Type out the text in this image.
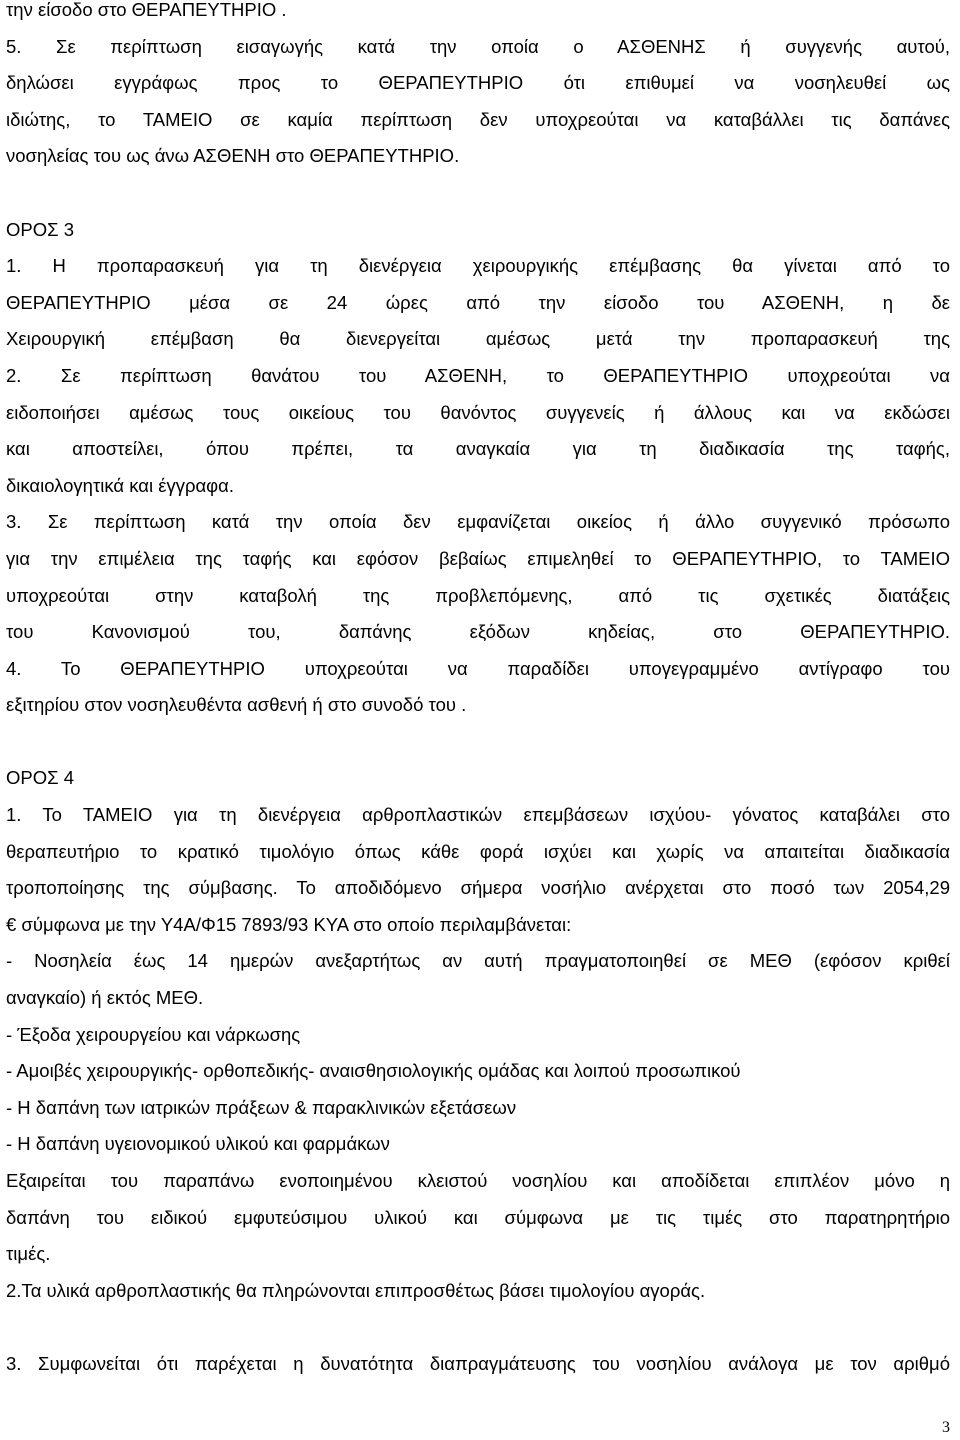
την είσοδο στο ΘΕΡΑΠΕΥΤΗΡΙΟ .
5. Σε περίπτωση εισαγωγής κατά την οποία ο ΑΣΘΕΝΗΣ ή συγγενής αυτού,
δηλώσει εγγράφως προς το ΘΕΡΑΠΕΥΤΗΡΙΟ ότι επιθυμεί να νοσηλευθεί ως
ιδιώτης, το ΤΑΜΕΙΟ σε καμία περίπτωση δεν υποχρεούται να καταβάλλει τις δαπάνες
νοσηλείας του ως άνω ΑΣΘΕΝΗ στο ΘΕΡΑΠΕΥΤΗΡΙΟ.
ΟΡΟΣ 3
1. Η προπαρασκευή για τη διενέργεια χειρουργικής επέμβασης θα γίνεται από το
ΘΕΡΑΠΕΥΤΗΡΙΟ μέσα σε 24 ώρες από την είσοδο του ΑΣΘΕΝΗ, η δε
Χειρουργική επέμβαση θα διενεργείται αμέσως μετά την προπαρασκευή της
2. Σε περίπτωση θανάτου του ΑΣΘΕΝΗ, το ΘΕΡΑΠΕΥΤΗΡΙΟ υποχρεούται να
ειδοποιήσει αμέσως τους οικείους του θανόντος συγγενείς ή άλλους και να εκδώσει
και αποστείλει, όπου πρέπει, τα αναγκαία για τη διαδικασία της ταφής,
δικαιολογητικά και έγγραφα.
3. Σε περίπτωση κατά την οποία δεν εμφανίζεται οικείος ή άλλο συγγενικό πρόσωπο
για την επιμέλεια της ταφής και εφόσον βεβαίως επιμεληθεί το ΘΕΡΑΠΕΥΤΗΡΙΟ, το ΤΑΜΕΙΟ
υποχρεούται στην καταβολή της προβλεπόμενης, από τις σχετικές διατάξεις
του Κανονισμού του, δαπάνης εξόδων κηδείας, στο ΘΕΡΑΠΕΥΤΗΡΙΟ.
4. Το ΘΕΡΑΠΕΥΤΗΡΙΟ υποχρεούται να παραδίδει υπογεγραμμένο αντίγραφο του
εξιτηρίου στον νοσηλευθέντα ασθενή ή στο συνοδό του .
ΟΡΟΣ 4
1. Το ΤΑΜΕΙΟ για τη διενέργεια αρθροπλαστικών επεμβάσεων ισχύου- γόνατος καταβάλει στο
θεραπευτήριο το κρατικό τιμολόγιο όπως κάθε φορά ισχύει και χωρίς να απαιτείται διαδικασία
τροποποίησης της σύμβασης. Το αποδιδόμενο σήμερα νοσήλιο ανέρχεται στο ποσό των 2054,29
€ σύμφωνα με την Υ4Α/Φ15 7893/93 ΚΥΑ στο οποίο περιλαμβάνεται:
- Νοσηλεία έως 14 ημερών ανεξαρτήτως αν αυτή πραγματοποιηθεί σε ΜΕΘ (εφόσον κριθεί
αναγκαίο) ή εκτός ΜΕΘ.
- Έξοδα χειρουργείου και νάρκωσης
- Αμοιβές χειρουργικής- ορθοπεδικής- αναισθησιολογικής ομάδας και λοιπού προσωπικού
- Η δαπάνη των ιατρικών πράξεων & παρακλινικών εξετάσεων
- Η δαπάνη υγειονομικού υλικού και φαρμάκων
Εξαιρείται του παραπάνω ενοποιημένου κλειστού νοσηλίου και αποδίδεται επιπλέον μόνο η
δαπάνη του ειδικού εμφυτεύσιμου υλικού και σύμφωνα με τις τιμές στο παρατηρητήριο
τιμές.
2.Τα υλικά αρθροπλαστικής θα πληρώνονται επιπροσθέτως βάσει τιμολογίου αγοράς.
3. Συμφωνείται ότι παρέχεται η δυνατότητα διαπραγμάτευσης του νοσηλίου ανάλογα με τον αριθμό
3
